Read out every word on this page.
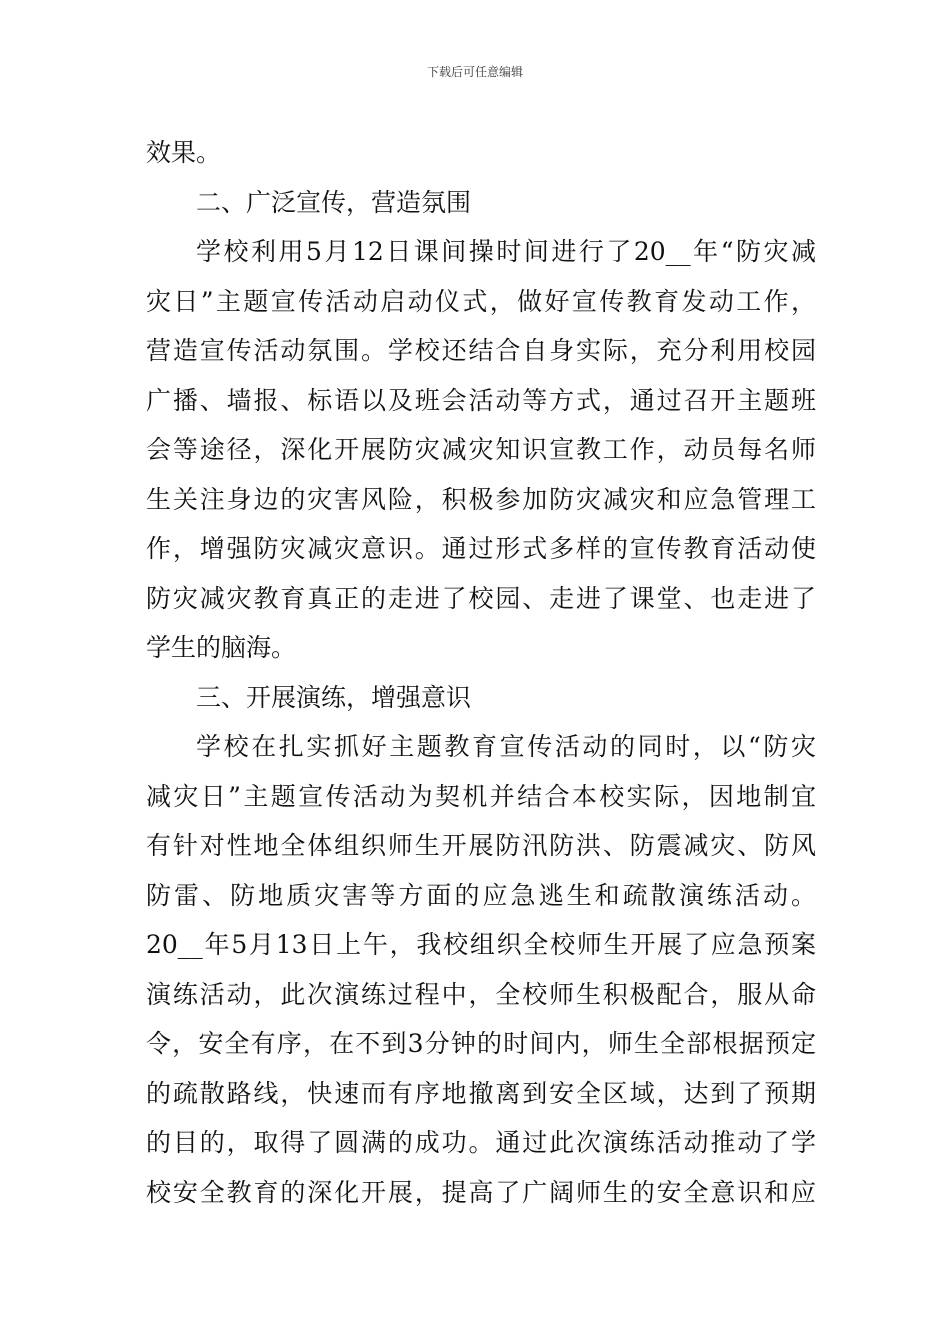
下载后可任意编辑
效果。
二、广泛宣传，营造氛围
学校利用5月12日课间操时间进行了20__年“防灾减
灾日”主题宣传活动启动仪式，做好宣传教育发动工作，
营造宣传活动氛围。学校还结合自身实际，充分利用校园
广播、墙报、标语以及班会活动等方式，通过召开主题班
会等途径，深化开展防灾减灾知识宣教工作，动员每名师
生关注身边的灾害风险，积极参加防灾减灾和应急管理工
作，增强防灾减灾意识。通过形式多样的宣传教育活动使
防灾减灾教育真正的走进了校园、走进了课堂、也走进了
学生的脑海。
三、开展演练，增强意识
学校在扎实抓好主题教育宣传活动的同时，以“防灾
减灾日”主题宣传活动为契机并结合本校实际，因地制宜
有针对性地全体组织师生开展防汛防洪、防震减灾、防风
防雷、防地质灾害等方面的应急逃生和疏散演练活动。
20__年5月13日上午，我校组织全校师生开展了应急预案
演练活动，此次演练过程中，全校师生积极配合，服从命
令，安全有序，在不到3分钟的时间内，师生全部根据预定
的疏散路线，快速而有序地撤离到安全区域，达到了预期
的目的，取得了圆满的成功。通过此次演练活动推动了学
校安全教育的深化开展，提高了广阔师生的安全意识和应
